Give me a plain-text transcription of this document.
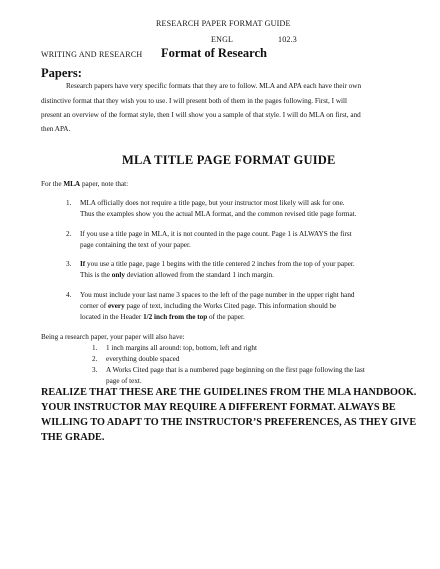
RESEARCH PAPER FORMAT GUIDE
ENGL	102.3
WRITING AND RESEARCH Format of Research
Papers:
Research papers have very specific formats that they are to follow. MLA and APA each have their own
distinctive format that they wish you to use. I will present both of them in the pages following. First, I will
present an overview of the format style, then I will show you a sample of that style. I will do MLA on first, and
then APA.
MLA TITLE PAGE FORMAT GUIDE
For the MLA paper, note that:
1. MLA officially does not require a title page, but your instructor most likely will ask for one.
Thus the examples show you the actual MLA format, and the common revised title page format.
2. If you use a title page in MLA, it is not counted in the page count. Page 1 is ALWAYS the first
page containing the text of your paper.
3. If you use a title page, page 1 begins with the title centered 2 inches from the top of your paper.
This is the only deviation allowed from the standard 1 inch margin.
4. You must include your last name 3 spaces to the left of the page number in the upper right hand
corner of every page of text, including the Works Cited page. This information should be
located in the Header 1/2 inch from the top of the paper.
Being a research paper, your paper will also have:
1. 1 inch margins all around: top, bottom, left and right
2. everything double spaced
3. A Works Cited page that is a numbered page beginning on the first page following the last
page of text.
REALIZE THAT THESE ARE THE GUIDELINES FROM THE MLA HANDBOOK.
YOUR INSTRUCTOR MAY REQUIRE A DIFFERENT FORMAT. ALWAYS BE
WILLING TO ADAPT TO THE INSTRUCTOR’S PREFERENCES, AS THEY GIVE
THE GRADE.
